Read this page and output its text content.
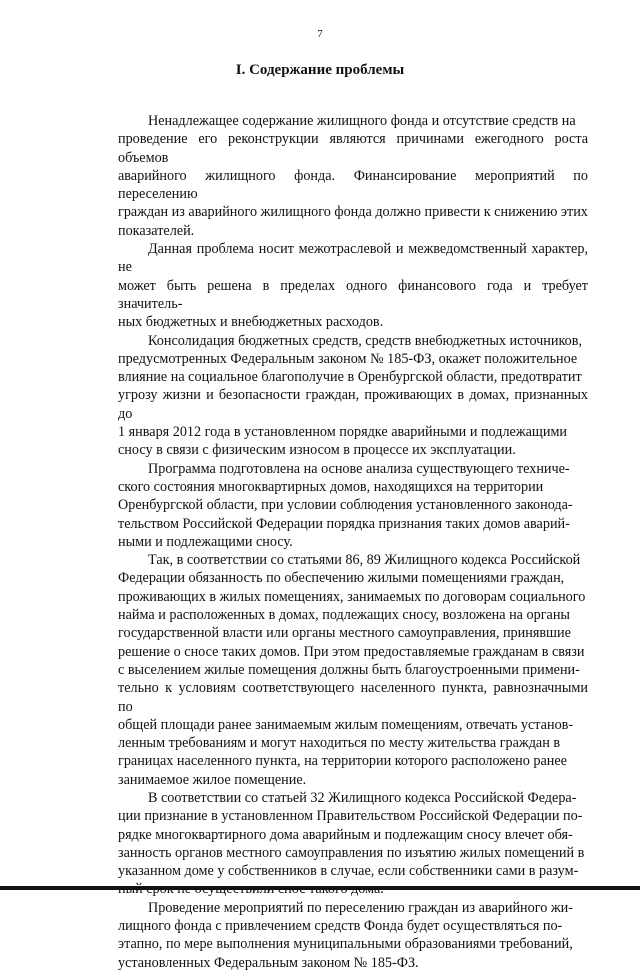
7
I. Содержание проблемы

Ненадлежащее содержание жилищного фонда и отсутствие средств на
проведение его реконструкции являются причинами ежегодного роста объемов
аварийного жилищного фонда. Финансирование мероприятий по переселению
граждан из аварийного жилищного фонда должно привести к снижению этих
показателей.

Данная проблема носит межотраслевой и межведомственный характер, не
может быть решена в пределах одного финансового года и требует значитель-
ных бюджетных и внебюджетных расходов.

Консолидация бюджетных средств, средств внебюджетных источников,
предусмотренных Федеральным законом № 185-ФЗ, окажет положительное
влияние на социальное благополучие в Оренбургской области, предотвратит
угрозу жизни и безопасности граждан, проживающих в домах, признанных до
1 января 2012 года в установленном порядке аварийными и подлежащими
сносу в связи с физическим износом в процессе их эксплуатации.

Программа подготовлена на основе анализа существующего техниче-
ского состояния многоквартирных домов, находящихся на территории
Оренбургской области, при условии соблюдения установленного законода-
тельством Российской Федерации порядка признания таких домов аварий-
ными и подлежащими сносу.

Так, в соответствии со статьями 86, 89 Жилищного кодекса Российской
Федерации обязанность по обеспечению жилыми помещениями граждан,
проживающих в жилых помещениях, занимаемых по договорам социального
найма и расположенных в домах, подлежащих сносу, возложена на органы
государственной власти или органы местного самоуправления, принявшие
решение о сносе таких домов. При этом предоставляемые гражданам в связи
с выселением жилые помещения должны быть благоустроенными примени-
тельно к условиям соответствующего населенного пункта, равнозначными по
общей площади ранее занимаемым жилым помещениям, отвечать установ-
ленным требованиям и могут находиться по месту жительства граждан в
границах населенного пункта, на территории которого расположено ранее
занимаемое жилое помещение.

В соответствии со статьей 32 Жилищного кодекса Российской Федера-
ции признание в установленном Правительством Российской Федерации по-
рядке многоквартирного дома аварийным и подлежащим сносу влечет обя-
занность органов местного самоуправления по изъятию жилых помещений в
указанном доме у собственников в случае, если собственники сами в разум-

Проведение мероприятий по переселению граждан из аварийного жи-
лищного фонда с привлечением средств Фонда будет осуществляться по-
этапно, по мере выполнения муниципальными образованиями требований,
установленных Федеральным законом № 185-ФЗ.
